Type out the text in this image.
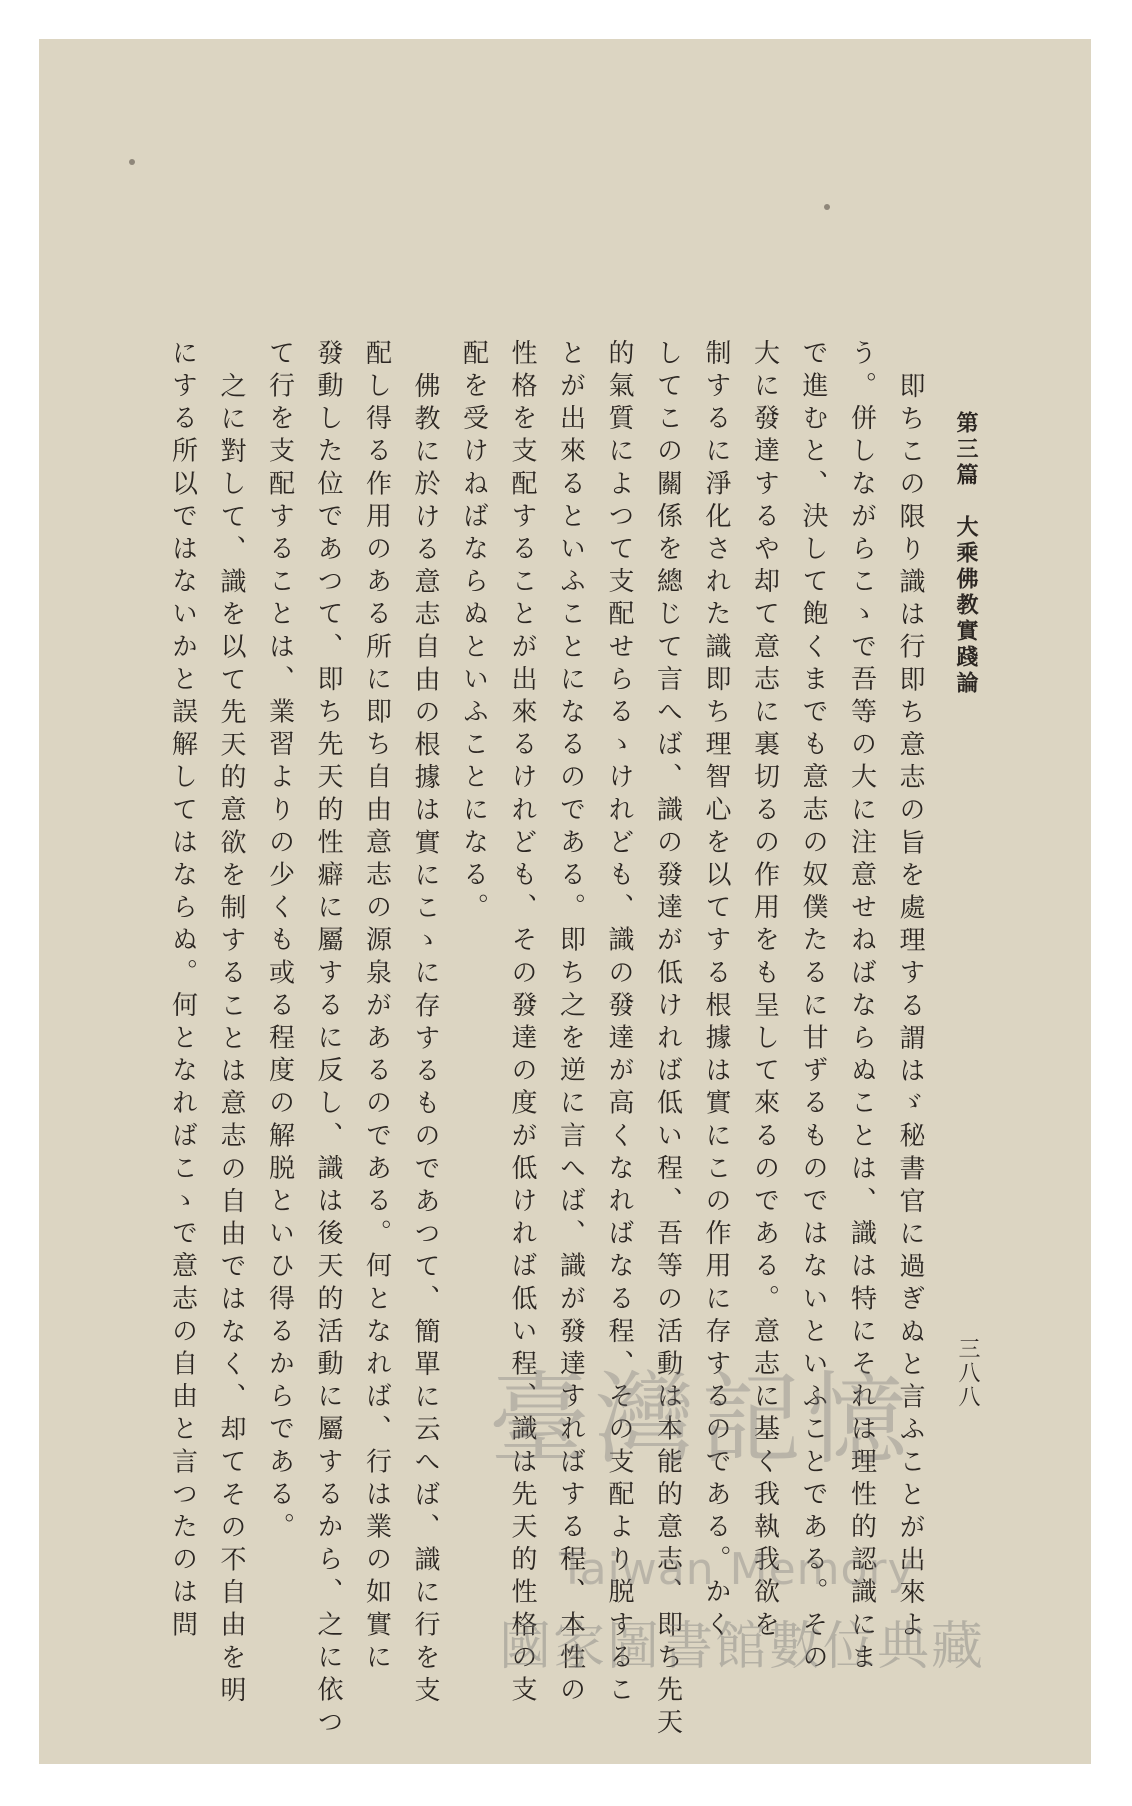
第三篇　大乘佛教實踐論
三八八
即ちこの限り識は行即ち意志の旨を處理する謂はゞ秘書官に過ぎぬと言ふことが出來よ
う。併しながらこゝで吾等の大に注意せねばならぬことは、識は特にそれは理性的認識にま
で進むと、決して飽くまでも意志の奴僕たるに甘ずるものではないといふことである。その
大に發達するや却て意志に裏切るの作用をも呈して來るのである。意志に基く我執我欲を
制するに淨化された識即ち理智心を以てする根據は實にこの作用に存するのである。かく
してこの關係を總じて言へば、識の發達が低ければ低い程、吾等の活動は本能的意志、即ち先天
的氣質によつて支配せらるゝけれども、識の發達が高くなればなる程、その支配より脱するこ
とが出來るといふことになるのである。即ち之を逆に言へば、識が發達すればする程、本性の
性格を支配することが出來るけれども、その發達の度が低ければ低い程、識は先天的性格の支
配を受けねばならぬといふことになる。
佛教に於ける意志自由の根據は實にこゝに存するものであつて、簡單に云へば、識に行を支
配し得る作用のある所に即ち自由意志の源泉があるのである。何となれば、行は業の如實に
發動した位であつて、即ち先天的性癖に屬するに反し、識は後天的活動に屬するから、之に依つ
て行を支配することは、業習よりの少くも或る程度の解脱といひ得るからである。
之に對して、識を以て先天的意欲を制することは意志の自由ではなく、却てその不自由を明
にする所以ではないかと誤解してはならぬ。何となればこゝで意志の自由と言つたのは問	臺灣記憶
Taiwan Memory
國家圖書館數位典藏
